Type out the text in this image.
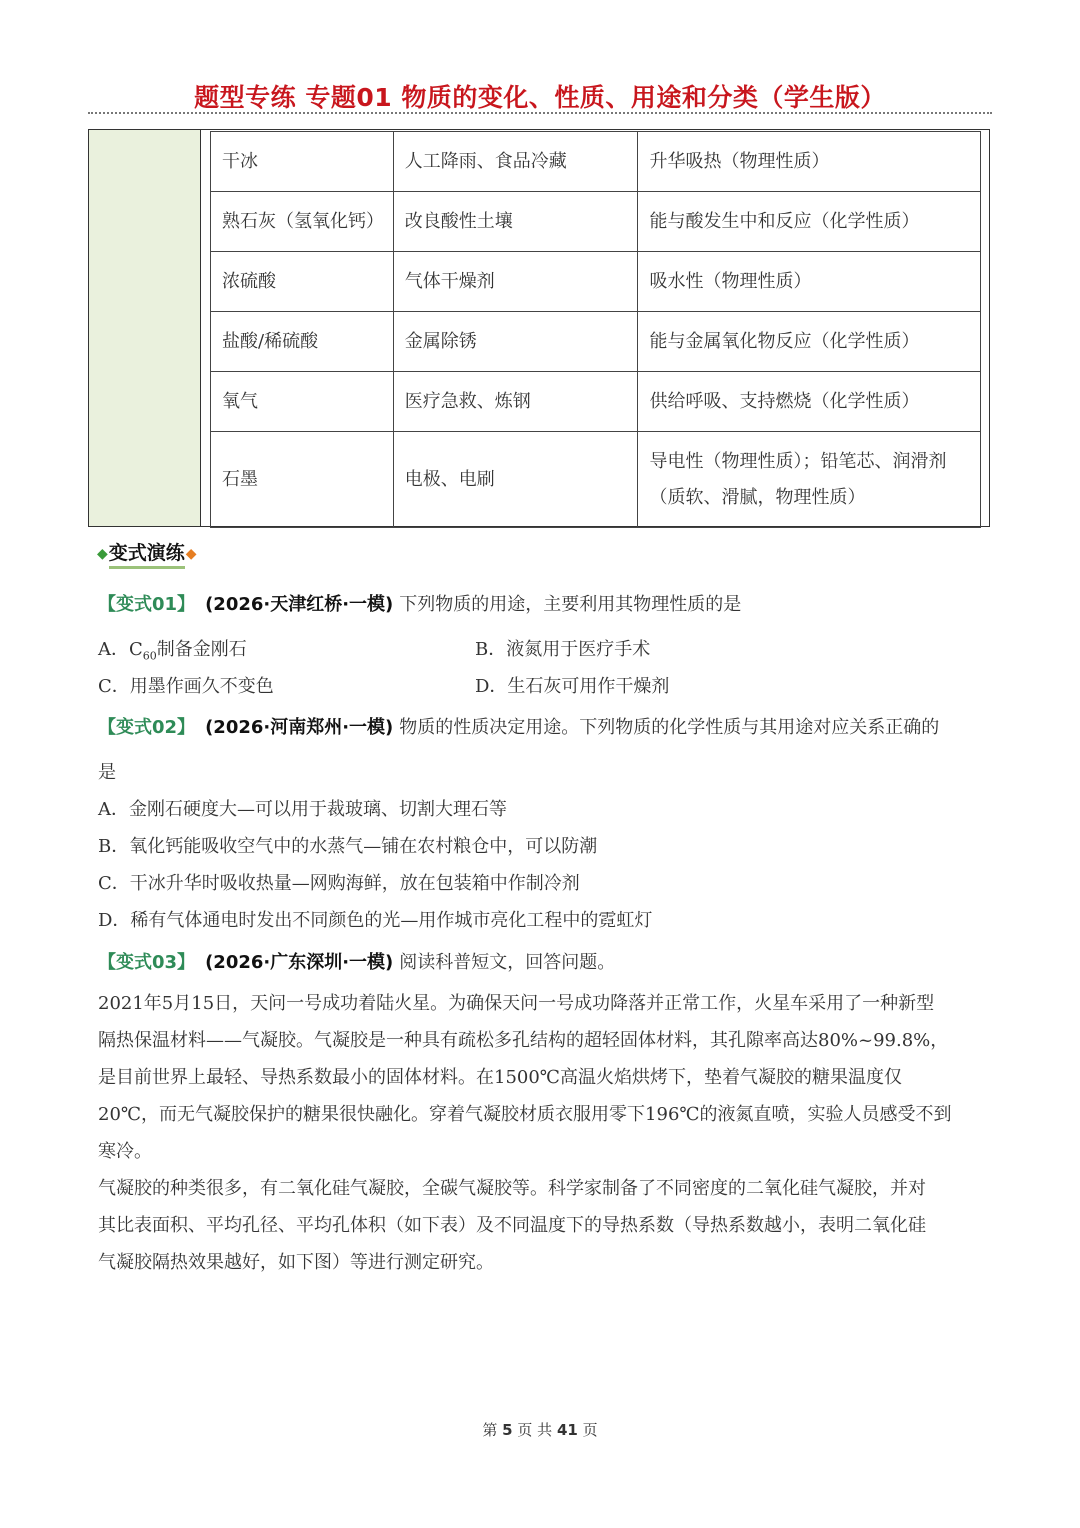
题型专练 专题01 物质的变化、性质、用途和分类（学生版）
干冰	人工降雨、食品冷藏	升华吸热（物理性质）
熟石灰（氢氧化钙）	改良酸性土壤	能与酸发生中和反应（化学性质）
浓硫酸	气体干燥剂	吸水性（物理性质）
盐酸/稀硫酸	金属除锈	能与金属氧化物反应（化学性质）
氧气	医疗急救、炼钢	供给呼吸、支持燃烧（化学性质）
石墨	电极、电刷	导电性（物理性质）；铅笔芯、润滑剂
（质软、滑腻，物理性质）
◆ 变式演练 ◆
【变式01】 (2026·天津红桥·一模) 下列物质的用途，主要利用其物理性质的是
A．$C_{60}$制备金刚石	B．液氮用于医疗手术
C．用墨作画久不变色	D．生石灰可用作干燥剂
【变式02】 (2026·河南郑州·一模) 物质的性质决定用途。下列物质的化学性质与其用途对应关系正确的
是
A．金刚石硬度大—可以用于裁玻璃、切割大理石等
B．氧化钙能吸收空气中的水蒸气—铺在农村粮仓中，可以防潮
C．干冰升华时吸收热量—网购海鲜，放在包装箱中作制冷剂
D．稀有气体通电时发出不同颜色的光—用作城市亮化工程中的霓虹灯
【变式03】 (2026·广东深圳·一模) 阅读科普短文，回答问题。
2021年5月15日，天问一号成功着陆火星。为确保天问一号成功降落并正常工作，火星车采用了一种新型
隔热保温材料——气凝胶。气凝胶是一种具有疏松多孔结构的超轻固体材料，其孔隙率高达80%~99.8%，
是目前世界上最轻、导热系数最小的固体材料。在1500℃高温火焰烘烤下，垫着气凝胶的糖果温度仅
20℃，而无气凝胶保护的糖果很快融化。穿着气凝胶材质衣服用零下196℃的液氮直喷，实验人员感受不到
寒冷。
气凝胶的种类很多，有二氧化硅气凝胶，全碳气凝胶等。科学家制备了不同密度的二氧化硅气凝胶，并对
其比表面积、平均孔径、平均孔体积（如下表）及不同温度下的导热系数（导热系数越小，表明二氧化硅
气凝胶隔热效果越好，如下图）等进行测定研究。
第 5 页 共 41 页
